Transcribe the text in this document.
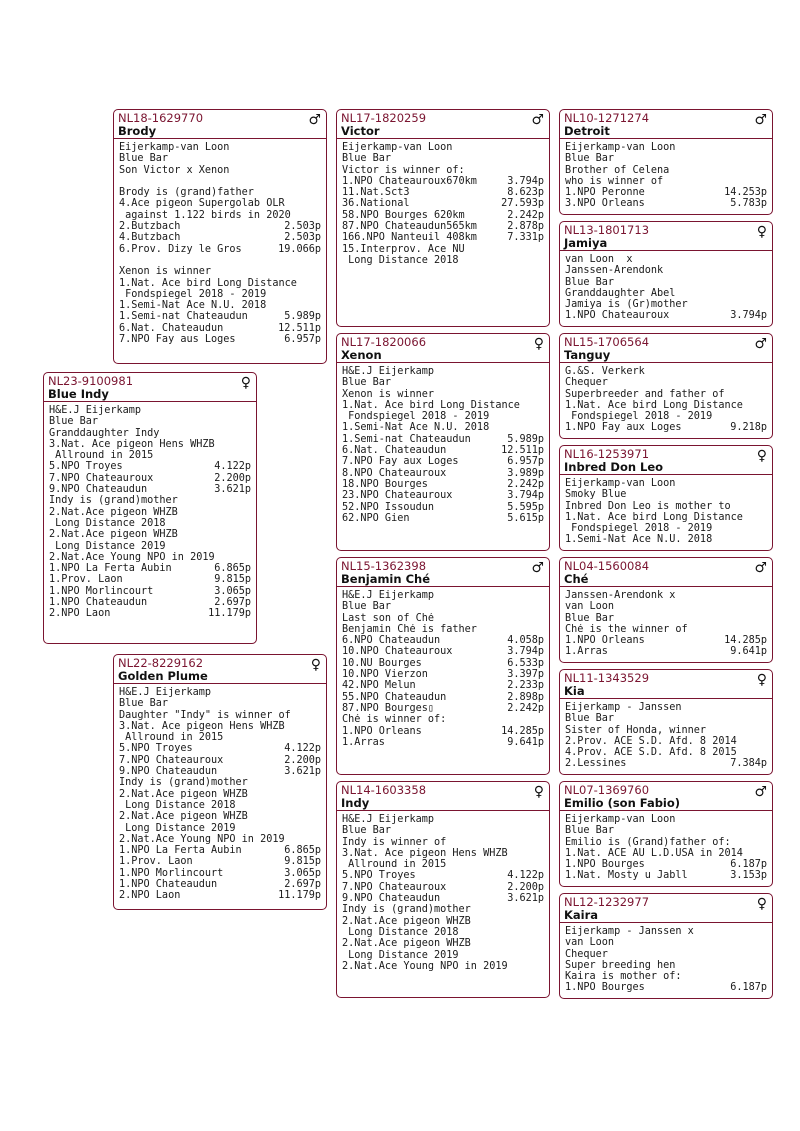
NL18-1629770
Brody
♂
Eijerkamp-van Loon
Blue Bar
Son Victor x Xenon
Brody is (grand)father
4.Ace pigeon Supergolab OLR
against 1.122 birds in 2020
2.Butzbach	2.503p
4.Butzbach	2.503p
6.Prov. Dizy le Gros	19.066p
Xenon is winner
1.Nat. Ace bird Long Distance
Fondspiegel 2018 - 2019
1.Semi-Nat Ace N.U. 2018
1.Semi-nat Chateaudun	5.989p
6.Nat. Chateaudun	12.511p
7.NPO Fay aus Loges	6.957p
NL17-1820259
Victor
♂
Eijerkamp-van Loon
Blue Bar
Victor is winner of:
1.NPO Chateauroux670km	3.794p
11.Nat.Sct3	8.623p
36.National	27.593p
58.NPO Bourges 620km	2.242p
87.NPO Chateaudun565km	2.878p
166.NPO Nanteuil 408km	7.331p
15.Interprov. Ace NU
Long Distance 2018
NL10-1271274
Detroit
♂
Eijerkamp-van Loon
Blue Bar
Brother of Celena
who is winner of
1.NPO Peronne	14.253p
3.NPO Orleans	5.783p
NL13-1801713
Jamiya
♀
van Loon  x
Janssen-Arendonk
Blue Bar
Granddaughter Abel
Jamiya is (Gr)mother
1.NPO Chateauroux	3.794p
NL23-9100981
Blue Indy
♀
H&E.J Eijerkamp
Blue Bar
Granddaughter Indy
3.Nat. Ace pigeon Hens WHZB
Allround in 2015
5.NPO Troyes	4.122p
7.NPO Chateauroux	2.200p
9.NPO Chateaudun	3.621p
Indy is (grand)mother
2.Nat.Ace pigeon WHZB
Long Distance 2018
2.Nat.Ace pigeon WHZB
Long Distance 2019
2.Nat.Ace Young NPO in 2019
1.NPO La Ferta Aubin	6.865p
1.Prov. Laon	9.815p
1.NPO Morlincourt	3.065p
1.NPO Chateaudun	2.697p
2.NPO Laon	11.179p
NL17-1820066
Xenon
♀
H&E.J Eijerkamp
Blue Bar
Xenon is winner
1.Nat. Ace bird Long Distance
Fondspiegel 2018 - 2019
1.Semi-Nat Ace N.U. 2018
1.Semi-nat Chateaudun	5.989p
6.Nat. Chateaudun	12.511p
7.NPO Fay aux Loges	6.957p
8.NPO Chateauroux	3.989p
18.NPO Bourges	2.242p
23.NPO Chateauroux	3.794p
52.NPO Issoudun	5.595p
62.NPO Gien	5.615p
NL15-1706564
Tanguy
♂
G.&S. Verkerk
Chequer
Superbreeder and father of
1.Nat. Ace bird Long Distance
Fondspiegel 2018 - 2019
1.NPO Fay aux Loges	9.218p
NL16-1253971
Inbred Don Leo
♀
Eijerkamp-van Loon
Smoky Blue
Inbred Don Leo is mother to
1.Nat. Ace bird Long Distance
Fondspiegel 2018 - 2019
1.Semi-Nat Ace N.U. 2018
NL15-1362398
Benjamin Ché
♂
H&E.J Eijerkamp
Blue Bar
Last son of Ché
Benjamin Ché is father
6.NPO Chateaudun	4.058p
10.NPO Chateauroux	3.794p
10.NU Bourges	6.533p
10.NPO Vierzon	3.397p
42.NPO Melun	2.233p
55.NPO Chateaudun	2.898p
87.NPO Bourges▯	2.242p
Ché is winner of:
1.NPO Orleans	14.285p
1.Arras	9.641p
NL04-1560084
Ché
♂
Janssen-Arendonk x
van Loon
Blue Bar
Ché is the winner of
1.NPO Orleans	14.285p
1.Arras	9.641p
NL22-8229162
Golden Plume
♀
H&E.J Eijerkamp
Blue Bar
Daughter "Indy" is winner of
3.Nat. Ace pigeon Hens WHZB
Allround in 2015
5.NPO Troyes	4.122p
7.NPO Chateauroux	2.200p
9.NPO Chateaudun	3.621p
Indy is (grand)mother
2.Nat.Ace pigeon WHZB
Long Distance 2018
2.Nat.Ace pigeon WHZB
Long Distance 2019
2.Nat.Ace Young NPO in 2019
1.NPO La Ferta Aubin	6.865p
1.Prov. Laon	9.815p
1.NPO Morlincourt	3.065p
1.NPO Chateaudun	2.697p
2.NPO Laon	11.179p
NL11-1343529
Kia
♀
Eijerkamp - Janssen
Blue Bar
Sister of Honda, winner
2.Prov. ACE S.D. Afd. 8 2014
4.Prov. ACE S.D. Afd. 8 2015
2.Lessines	7.384p
NL14-1603358
Indy
♀
H&E.J Eijerkamp
Blue Bar
Indy is winner of
3.Nat. Ace pigeon Hens WHZB
Allround in 2015
5.NPO Troyes	4.122p
7.NPO Chateauroux	2.200p
9.NPO Chateaudun	3.621p
Indy is (grand)mother
2.Nat.Ace pigeon WHZB
Long Distance 2018
2.Nat.Ace pigeon WHZB
Long Distance 2019
2.Nat.Ace Young NPO in 2019
NL07-1369760
Emilio (son Fabio)
♂
Eijerkamp-van Loon
Blue Bar
Emilio is (Grand)father of:
1.Nat. ACE AU L.D.USA in 2014
1.NPO Bourges	6.187p
1.Nat. Mosty u Jabll	3.153p
NL12-1232977
Kaira
♀
Eijerkamp - Janssen x
van Loon
Chequer
Super breeding hen
Kaira is mother of:
1.NPO Bourges	6.187p
